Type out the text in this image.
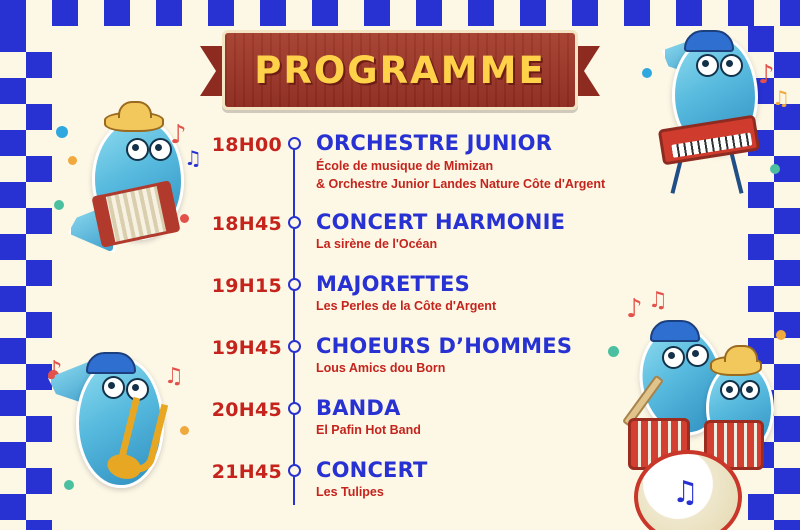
PROGRAMME
♪
♫
♪	♫
♪
♫
♪ ♫
♫
18H00 ORCHESTRE JUNIOR
École de musique de Mimizan
& Orchestre Junior Landes Nature Côte d'Argent
18H45 CONCERT HARMONIE
La sirène de l'Océan
19H15 MAJORETTES
Les Perles de la Côte d'Argent
19H45 CHOEURS D’HOMMES
Lous Amics dou Born
20H45 BANDA
El Pafin Hot Band
21H45 CONCERT
Les Tulipes
